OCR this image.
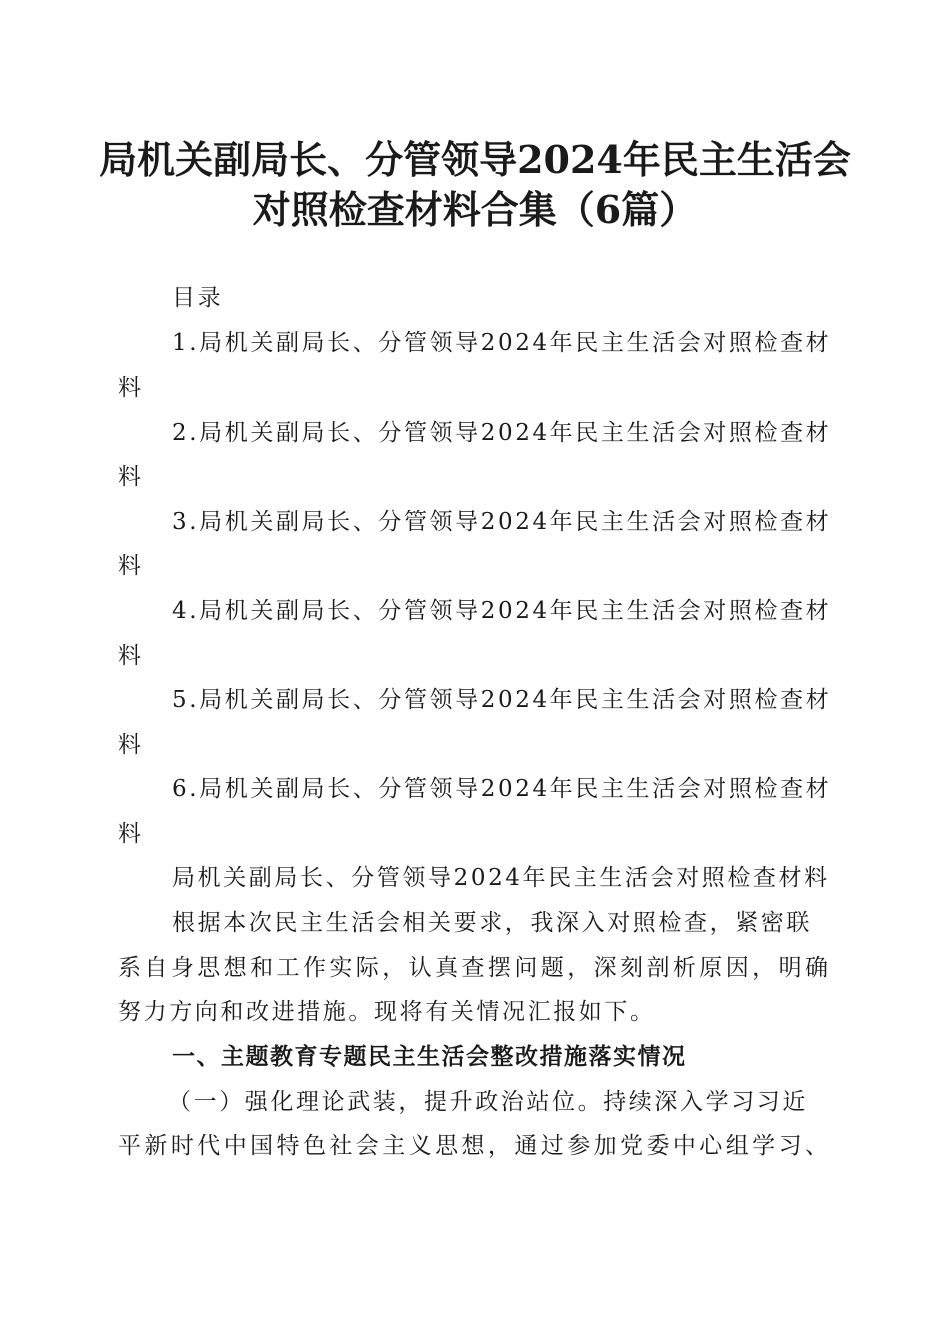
局机关副局长、分管领导2024年民主生活会
对照检查材料合集（6篇）
目录
1.局机关副局长、分管领导2024年民主生活会对照检查材
料
2.局机关副局长、分管领导2024年民主生活会对照检查材
料
3.局机关副局长、分管领导2024年民主生活会对照检查材
料
4.局机关副局长、分管领导2024年民主生活会对照检查材
料
5.局机关副局长、分管领导2024年民主生活会对照检查材
料
6.局机关副局长、分管领导2024年民主生活会对照检查材
料
局机关副局长、分管领导2024年民主生活会对照检查材料
根据本次民主生活会相关要求，我深入对照检查，紧密联
系自身思想和工作实际，认真查摆问题，深刻剖析原因，明确
努力方向和改进措施。现将有关情况汇报如下。
一、主题教育专题民主生活会整改措施落实情况
（一）强化理论武装，提升政治站位。持续深入学习习近
平新时代中国特色社会主义思想，通过参加党委中心组学习、
